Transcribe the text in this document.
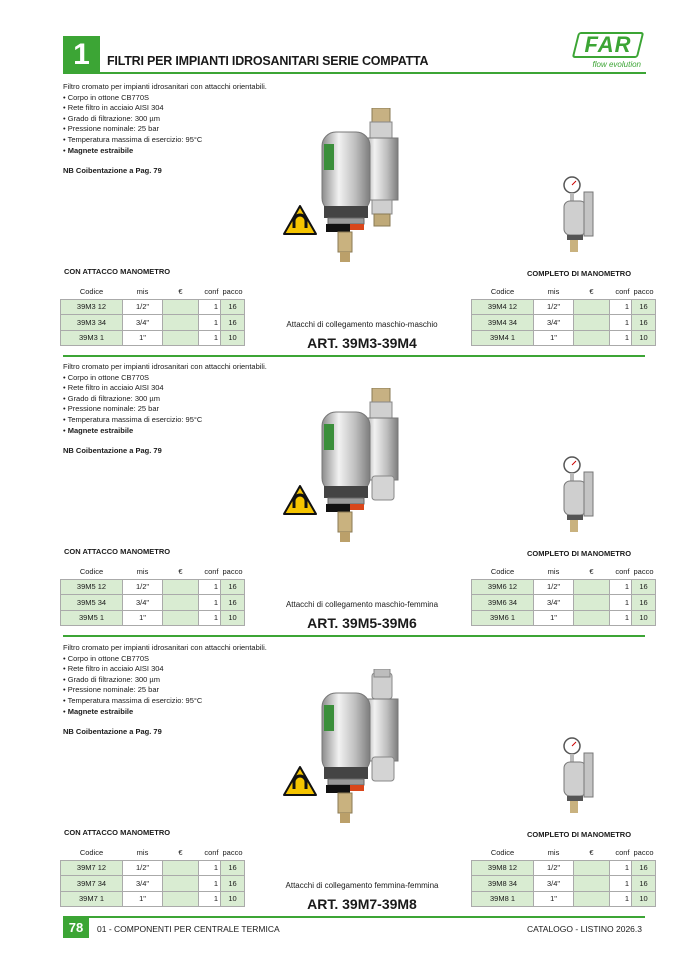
1	FILTRI PER IMPIANTI IDROSANITARI SERIE COMPATTA
FAR
flow evolution
Filtro cromato per impianti idrosanitari con attacchi orientabili.
• Corpo in ottone CB770S
• Rete filtro in acciaio AISI 304
• Grado di filtrazione: 300 µm
• Pressione nominale: 25 bar
• Temperatura massima di esercizio: 95°C
• Magnete estraibile
NB Coibentazione a Pag. 79
CON ATTACCO MANOMETRO	COMPLETO DI MANOMETRO
Codice	mis	€	conf	pacco
39M3 12	1/2"		1	16
39M3 34	3/4"		1	16
39M3 1	1"		1	10
Codice	mis	€	conf	pacco
39M4 12	1/2"		1	16
39M4 34	3/4"		1	16
39M4 1	1"		1	10
Attacchi di collegamento maschio-maschio
ART. 39M3-39M4
Filtro cromato per impianti idrosanitari con attacchi orientabili.
• Corpo in ottone CB770S
• Rete filtro in acciaio AISI 304
• Grado di filtrazione: 300 µm
• Pressione nominale: 25 bar
• Temperatura massima di esercizio: 95°C
• Magnete estraibile
NB Coibentazione a Pag. 79
CON ATTACCO MANOMETRO	COMPLETO DI MANOMETRO
Codice	mis	€	conf	pacco
39M5 12	1/2"		1	16
39M5 34	3/4"		1	16
39M5 1	1"		1	10
Codice	mis	€	conf	pacco
39M6 12	1/2"		1	16
39M6 34	3/4"		1	16
39M6 1	1"		1	10
Attacchi di collegamento maschio-femmina
ART. 39M5-39M6
Filtro cromato per impianti idrosanitari con attacchi orientabili.
• Corpo in ottone CB770S
• Rete filtro in acciaio AISI 304
• Grado di filtrazione: 300 µm
• Pressione nominale: 25 bar
• Temperatura massima di esercizio: 95°C
• Magnete estraibile
NB Coibentazione a Pag. 79
CON ATTACCO MANOMETRO	COMPLETO DI MANOMETRO
Codice	mis	€	conf	pacco
39M7 12	1/2"		1	16
39M7 34	3/4"		1	16
39M7 1	1"		1	10
Codice	mis	€	conf	pacco
39M8 12	1/2"		1	16
39M8 34	3/4"		1	16
39M8 1	1"		1	10
Attacchi di collegamento femmina-femmina
ART. 39M7-39M8
78	01 - COMPONENTI PER CENTRALE TERMICA	CATALOGO - LISTINO 2026.3
